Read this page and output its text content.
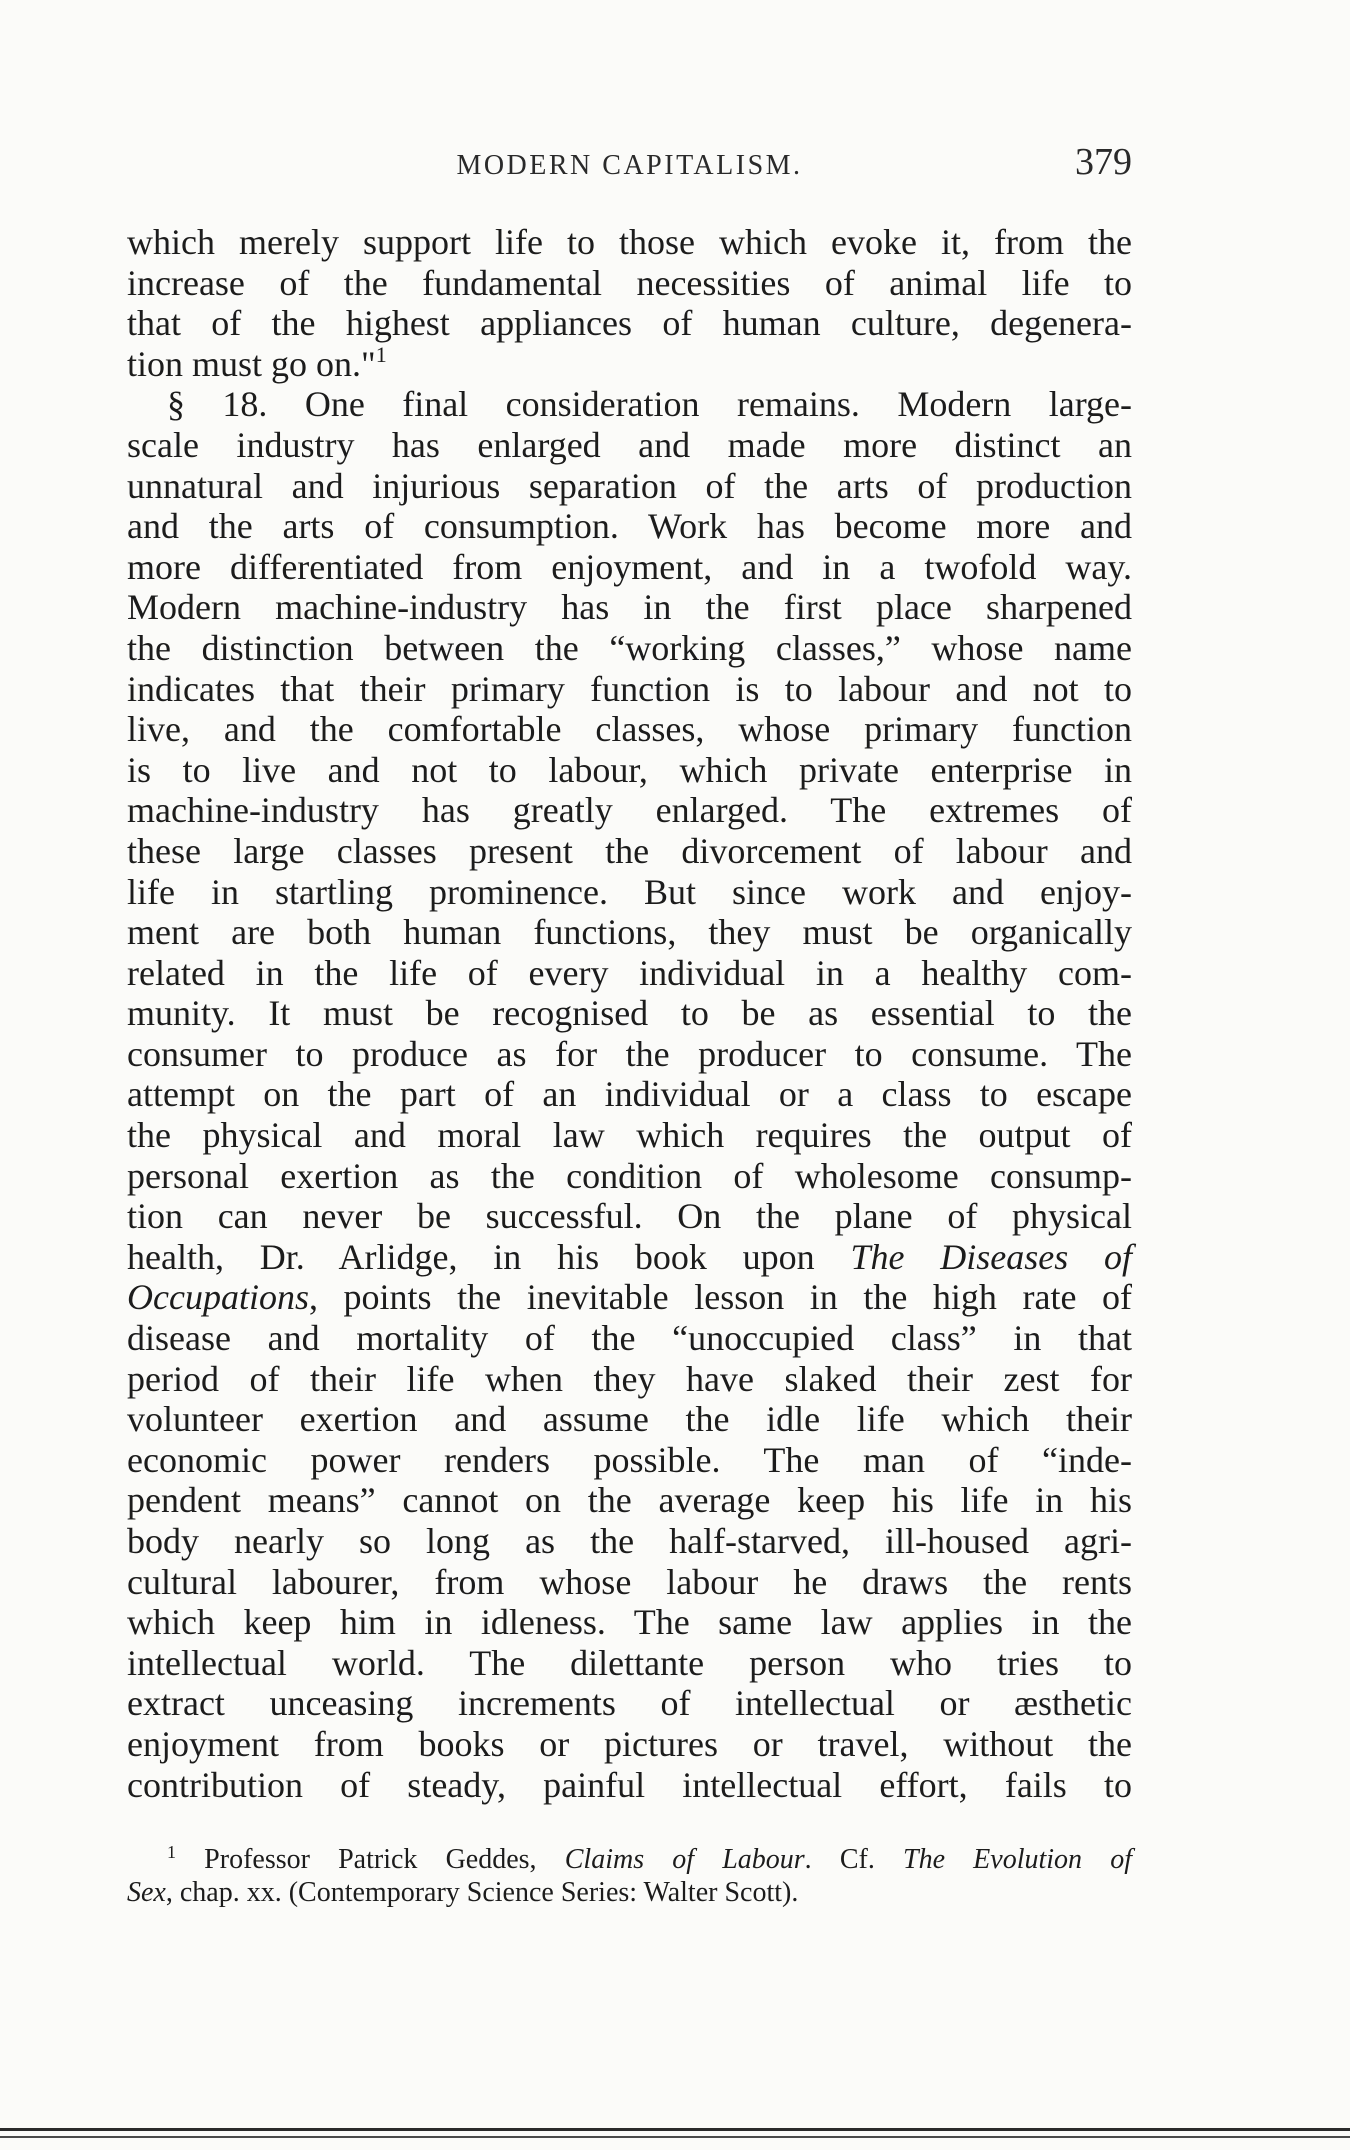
MODERN CAPITALISM.	379
which merely support life to those which evoke it, from the
increase of the fundamental necessities of animal life to
that of the highest appliances of human culture, degenera-
tion must go on."$^1$
§ 18. One final consideration remains. Modern large-
scale industry has enlarged and made more distinct an
unnatural and injurious separation of the arts of production
and the arts of consumption. Work has become more and
more differentiated from enjoyment, and in a twofold way.
Modern machine-industry has in the first place sharpened
the distinction between the “working classes,” whose name
indicates that their primary function is to labour and not to
live, and the comfortable classes, whose primary function
is to live and not to labour, which private enterprise in
machine-industry has greatly enlarged. The extremes of
these large classes present the divorcement of labour and
life in startling prominence. But since work and enjoy-
ment are both human functions, they must be organically
related in the life of every individual in a healthy com-
munity. It must be recognised to be as essential to the
consumer to produce as for the producer to consume. The
attempt on the part of an individual or a class to escape
the physical and moral law which requires the output of
personal exertion as the condition of wholesome consump-
tion can never be successful. On the plane of physical
health, Dr. Arlidge, in his book upon The Diseases of
Occupations, points the inevitable lesson in the high rate of
disease and mortality of the “unoccupied class” in that
period of their life when they have slaked their zest for
volunteer exertion and assume the idle life which their
economic power renders possible. The man of “inde-
pendent means” cannot on the average keep his life in his
body nearly so long as the half-starved, ill-housed agri-
cultural labourer, from whose labour he draws the rents
which keep him in idleness. The same law applies in the
intellectual world. The dilettante person who tries to
extract unceasing increments of intellectual or æsthetic
enjoyment from books or pictures or travel, without the
contribution of steady, painful intellectual effort, fails to
$^1$ Professor Patrick Geddes, Claims of Labour. Cf. The Evolution of
Sex, chap. xx. (Contemporary Science Series: Walter Scott).
